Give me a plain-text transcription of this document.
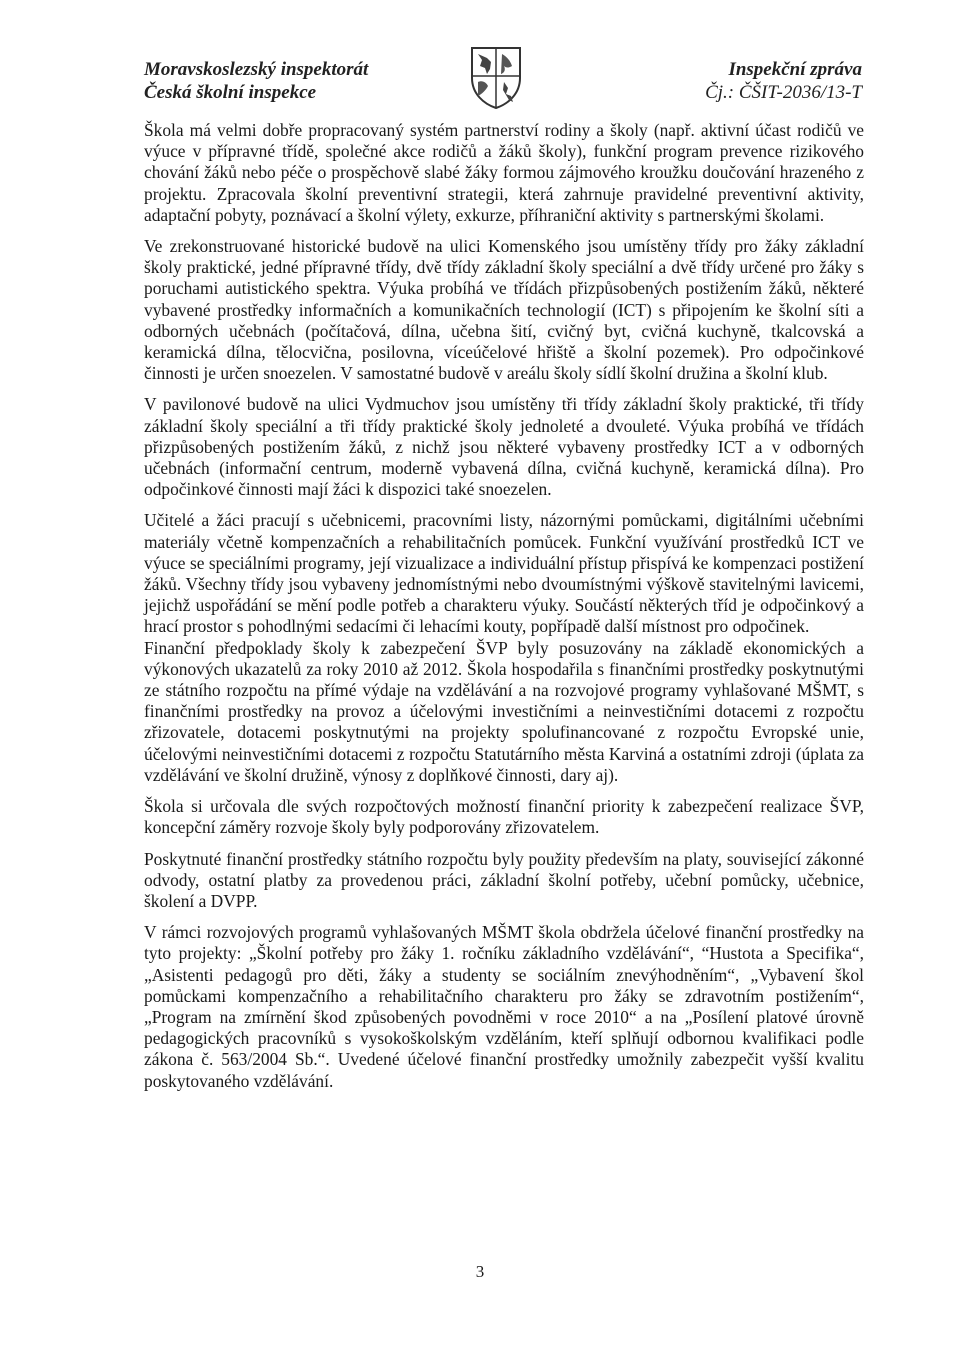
Moravskoslezský inspektorát
Česká školní inspekce
Inspekční zpráva
Čj.: ČŠIT-2036/13-T

Škola má velmi dobře propracovaný systém partnerství rodiny a školy (např. aktivní účast rodičů ve výuce v přípravné třídě, společné akce rodičů a žáků školy), funkční program prevence rizikového chování žáků nebo péče o prospěchově slabé žáky formou zájmového kroužku doučování hrazeného z projektu. Zpracovala školní preventivní strategii, která zahrnuje pravidelné preventivní aktivity, adaptační pobyty, poznávací a školní výlety, exkurze, příhraniční aktivity s partnerskými školami.

Ve zrekonstruované historické budově na ulici Komenského jsou umístěny třídy pro žáky základní školy praktické, jedné přípravné třídy, dvě třídy základní školy speciální a dvě třídy určené pro žáky s poruchami autistického spektra. Výuka probíhá ve třídách přizpůsobených postižením žáků, některé vybavené prostředky informačních a komunikačních technologií (ICT) s připojením ke školní síti a odborných učebnách (počítačová, dílna, učebna šití, cvičný byt, cvičná kuchyně, tkalcovská a keramická dílna, tělocvična, posilovna, víceúčelové hřiště a školní pozemek). Pro odpočinkové činnosti je určen snoezelen. V samostatné budově v areálu školy sídlí školní družina a školní klub.

V pavilonové budově na ulici Vydmuchov jsou umístěny tři třídy základní školy praktické, tři třídy základní školy speciální a tři třídy praktické školy jednoleté a dvouleté. Výuka probíhá ve třídách přizpůsobených postižením žáků, z nichž jsou některé vybaveny prostředky ICT a v odborných učebnách (informační centrum, moderně vybavená dílna, cvičná kuchyně, keramická dílna). Pro odpočinkové činnosti mají žáci k dispozici také snoezelen.

Učitelé a žáci pracují s učebnicemi, pracovními listy, názornými pomůckami, digitálními učebními materiály včetně kompenzačních a rehabilitačních pomůcek. Funkční využívání prostředků ICT ve výuce se speciálními programy, její vizualizace a individuální přístup přispívá ke kompenzaci postižení žáků. Všechny třídy jsou vybaveny jednomístnými nebo dvoumístnými výškově stavitelnými lavicemi, jejichž uspořádání se mění podle potřeb a charakteru výuky. Součástí některých tříd je odpočinkový a hrací prostor s pohodlnými sedacími či lehacími kouty, popřípadě další místnost pro odpočinek.

Finanční předpoklady školy k zabezpečení ŠVP byly posuzovány na základě ekonomických a výkonových ukazatelů za roky 2010 až 2012. Škola hospodařila s finančními prostředky poskytnutými ze státního rozpočtu na přímé výdaje na vzdělávání a na rozvojové programy vyhlašované MŠMT, s finančními prostředky na provoz a účelovými investičními a neinvestičními dotacemi z rozpočtu zřizovatele, dotacemi poskytnutými na projekty spolufinancované z rozpočtu Evropské unie, účelovými neinvestičními dotacemi z rozpočtu Statutárního města Karviná a ostatními zdroji (úplata za vzdělávání ve školní družině, výnosy z doplňkové činnosti, dary aj).

Škola si určovala dle svých rozpočtových možností finanční priority k zabezpečení realizace ŠVP, koncepční záměry rozvoje školy byly podporovány zřizovatelem.

Poskytnuté finanční prostředky státního rozpočtu byly použity především na platy, související zákonné odvody, ostatní platby za provedenou práci, základní školní potřeby, učební pomůcky, učebnice, školení a DVPP.

V rámci rozvojových programů vyhlašovaných MŠMT škola obdržela účelové finanční prostředky na tyto projekty: „Školní potřeby pro žáky 1. ročníku základního vzdělávání“, “Hustota a Specifika“, „Asistenti pedagogů pro děti, žáky a studenty se sociálním znevýhodněním“, „Vybavení škol pomůckami kompenzačního a rehabilitačního charakteru pro žáky se zdravotním postižením“, „Program na zmírnění škod způsobených povodněmi v roce 2010“ a na „Posílení platové úrovně pedagogických pracovníků s vysokoškolským vzděláním, kteří splňují odbornou kvalifikaci podle zákona č. 563/2004 Sb.“. Uvedené účelové finanční prostředky umožnily zabezpečit vyšší kvalitu poskytovaného vzdělávání.

3
